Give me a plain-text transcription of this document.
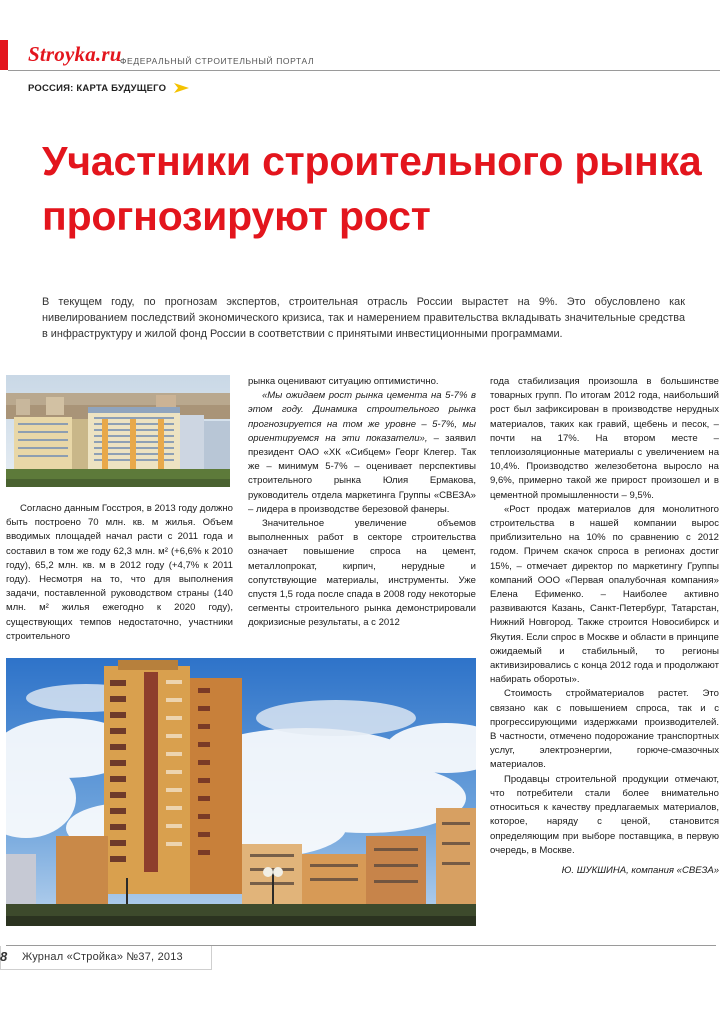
Stroyka.ru
ФЕДЕРАЛЬНЫЙ СТРОИТЕЛЬНЫЙ ПОРТАЛ
РОССИЯ: КАРТА БУДУЩЕГО
Участники строительного рынка
прогнозируют рост
В текущем году, по прогнозам экспертов, строительная отрасль России вырастет на 9%. Это обусловлено как нивелированием последствий экономического кризиса, так и намерением правительства вкладывать значительные средства в инфраструктуру и жилой фонд России в соответствии с принятыми инвестиционными программами.

Согласно данным Госстроя, в 2013 году должно быть построено 70 млн. кв. м жилья. Объем вводимых площадей начал расти с 2011 года и составил в том же году 62,3 млн. м² (+6,6% к 2010 году), 65,2 млн. кв. м в 2012 году (+4,7% к 2011 году). Несмотря на то, что для выполнения задачи, поставленной руководством страны (140 млн. м² жилья ежегодно к 2020 году), существующих темпов недостаточно, участники строительного

рынка оценивают ситуацию оптимистично.

«Мы ожидаем рост рынка цемента на 5-7% в этом году. Динамика строительного рынка прогнозируется на том же уровне – 5-7%, мы ориентируемся на эти показатели», – заявил президент ОАО «ХК «Сибцем» Георг Клегер. Так же – минимум 5-7% – оценивает перспективы строительного рынка Юлия Ермакова, руководитель отдела маркетинга Группы «СВЕЗА» – лидера в производстве березовой фанеры.

Значительное увеличение объемов выполненных работ в секторе строительства означает повышение спроса на цемент, металлопрокат, кирпич, нерудные и сопутствующие материалы, инструменты. Уже спустя 1,5 года после спада в 2008 году некоторые сегменты строительного рынка демонстрировали докризисные результаты, а с 2012

года стабилизация произошла в большинстве товарных групп. По итогам 2012 года, наибольший рост был зафиксирован в производстве нерудных материалов, таких как гравий, щебень и песок, – почти на 17%. На втором месте – теплоизоляционные материалы с увеличением на 10,4%. Производство железобетона выросло на 9,6%, примерно такой же прирост произошел и в цементной промышленности – 9,5%.

«Рост продаж материалов для монолитного строительства в нашей компании вырос приблизительно на 10% по сравнению с 2012 годом. Причем скачок спроса в регионах достиг 15%, – отмечает директор по маркетингу Группы компаний ООО «Первая опалубочная компания» Елена Ефименко. – Наиболее активно развиваются Казань, Санкт-Петербург, Татарстан, Нижний Новгород. Также строится Новосибирск и Якутия. Если спрос в Москве и области в принципе ожидаемый и стабильный, то регионы активизировались с конца 2012 года и продолжают набирать обороты».

Стоимость стройматериалов растет. Это связано как с повышением спроса, так и с прогрессирующими издержками производителей. В частности, отмечено подорожание транспортных услуг, электроэнергии, горюче-смазочных материалов.

Продавцы строительной продукции отмечают, что потребители стали более внимательно относиться к качеству предлагаемых материалов, которое, наряду с ценой, становится определяющим при выборе поставщика, в первую очередь, в Москве.

Ю. ШУКШИНА, компания «СВЕЗА»

8 Журнал «Стройка» №37, 2013
